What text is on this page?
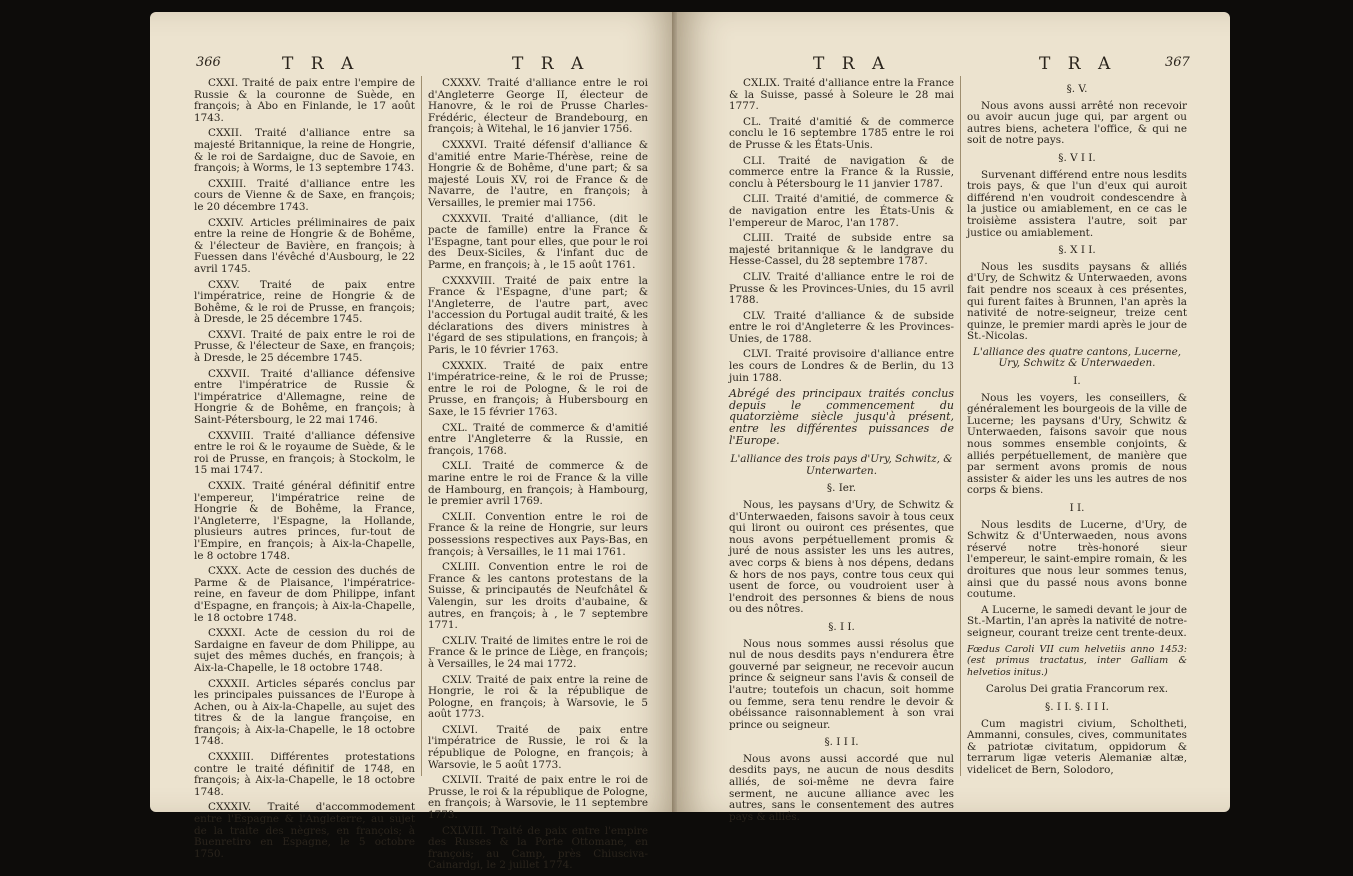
366	T R A	T R A

CXXI. Traité de paix entre l'empire de Russie & la couronne de Suède, en françois; à Abo en Finlande, le 17 août 1743.

CXXII. Traité d'alliance entre sa majesté Britannique, la reine de Hongrie, & le roi de Sardaigne, duc de Savoie, en françois; à Worms, le 13 septembre 1743.

CXXIII. Traité d'alliance entre les cours de Vienne & de Saxe, en françois; le 20 décembre 1743.

CXXIV. Articles préliminaires de paix entre la reine de Hongrie & de Bohême, & l'électeur de Bavière, en françois; à Fuessen dans l'évêché d'Ausbourg, le 22 avril 1745.

CXXV. Traité de paix entre l'impératrice, reine de Hongrie & de Bohême, & le roi de Prusse, en françois; à Dresde, le 25 décembre 1745.

CXXVI. Traité de paix entre le roi de Prusse, & l'électeur de Saxe, en françois; à Dresde, le 25 décembre 1745.

CXXVII. Traité d'alliance défensive entre l'impératrice de Russie & l'impératrice d'Allemagne, reine de Hongrie & de Bohême, en françois; à Saint-Pétersbourg, le 22 mai 1746.

CXXVIII. Traité d'alliance défensive entre le roi & le royaume de Suède, & le roi de Prusse, en françois; à Stockolm, le 15 mai 1747.

CXXIX. Traité général définitif entre l'empereur, l'impératrice reine de Hongrie & de Bohême, la France, l'Angleterre, l'Espagne, la Hollande, plusieurs autres princes, fur-tout de l'Empire, en françois; à Aix-la-Chapelle, le 8 octobre 1748.

CXXX. Acte de cession des duchés de Parme & de Plaisance, l'impératrice-reine, en faveur de dom Philippe, infant d'Espagne, en françois; à Aix-la-Chapelle, le 18 octobre 1748.

CXXXI. Acte de cession du roi de Sardaigne en faveur de dom Philippe, au sujet des mêmes duchés, en françois; à Aix-la-Chapelle, le 18 octobre 1748.

CXXXII. Articles séparés conclus par les principales puissances de l'Europe à Achen, ou à Aix-la-Chapelle, au sujet des titres & de la langue françoise, en françois; à Aix-la-Chapelle, le 18 octobre 1748.

CXXXIII. Différentes protestations contre le traité définitif de 1748, en françois; à Aix-la-Chapelle, le 18 octobre 1748.

CXXXIV. Traité d'accommodement entre l'Espagne & l'Angleterre, au sujet de la traite des nègres, en françois; à Buenretiro en Espagne, le 5 octobre 1750.

CXXXV. Traité d'alliance entre le roi d'Angleterre George II, électeur de Hanovre, & le roi de Prusse Charles-Frédéric, électeur de Brandebourg, en françois; à Witehal, le 16 janvier 1756.

CXXXVI. Traité défensif d'alliance & d'amitié entre Marie-Thérèse, reine de Hongrie & de Bohême, d'une part; & sa majesté Louis XV, roi de France & de Navarre, de l'autre, en françois; à Versailles, le premier mai 1756.

CXXXVII. Traité d'alliance, (dit le pacte de famille) entre la France & l'Espagne, tant pour elles, que pour le roi des Deux-Siciles, & l'infant duc de Parme, en françois; à , le 15 août 1761.

CXXXVIII. Traité de paix entre la France & l'Espagne, d'une part; & l'Angleterre, de l'autre part, avec l'accession du Portugal audit traité, & les déclarations des divers ministres à l'égard de ses stipulations, en françois; à Paris, le 10 février 1763.

CXXXIX. Traité de paix entre l'impératrice-reine, & le roi de Prusse; entre le roi de Pologne, & le roi de Prusse, en françois; à Hubersbourg en Saxe, le 15 février 1763.

CXL. Traité de commerce & d'amitié entre l'Angleterre & la Russie, en françois, 1768.

CXLI. Traité de commerce & de marine entre le roi de France & la ville de Hambourg, en françois; à Hambourg, le premier avril 1769.

CXLII. Convention entre le roi de France & la reine de Hongrie, sur leurs possessions respectives aux Pays-Bas, en françois; à Versailles, le 11 mai 1761.

CXLIII. Convention entre le roi de France & les cantons protestans de la Suisse, & principautés de Neufchâtel & Valengin, sur les droits d'aubaine, & autres, en françois; à , le 7 septembre 1771.

CXLIV. Traité de limites entre le roi de France & le prince de Liège, en françois; à Versailles, le 24 mai 1772.

CXLV. Traité de paix entre la reine de Hongrie, le roi & la république de Pologne, en françois; à Warsovie, le 5 août 1773.

CXLVI. Traité de paix entre l'impératrice de Russie, le roi & la république de Pologne, en françois; à Warsovie, le 5 août 1773.

CXLVII. Traité de paix entre le roi de Prusse, le roi & la république de Pologne, en françois; à Warsovie, le 11 septembre 1773.

CXLVIII. Traité de paix entre l'empire des Russes & la Porte Ottomane, en françois; au Camp, près Chiusciva-Cainardgi, le 2 juillet 1774.

T R A	T R A	367

CXLIX. Traité d'alliance entre la France & la Suisse, passé à Soleure le 28 mai 1777.

CL. Traité d'amitié & de commerce conclu le 16 septembre 1785 entre le roi de Prusse & les États-Unis.

CLI. Traité de navigation & de commerce entre la France & la Russie, conclu à Pétersbourg le 11 janvier 1787.

CLII. Traité d'amitié, de commerce & de navigation entre les États-Unis & l'empereur de Maroc, l'an 1787.

CLIII. Traité de subside entre sa majesté britannique & le landgrave du Hesse-Cassel, du 28 septembre 1787.

CLIV. Traité d'alliance entre le roi de Prusse & les Provinces-Unies, du 15 avril 1788.

CLV. Traité d'alliance & de subside entre le roi d'Angleterre & les Provinces-Unies, de 1788.

CLVI. Traité provisoire d'alliance entre les cours de Londres & de Berlin, du 13 juin 1788.

Abrégé des principaux traités conclus depuis le commencement du quatorzième siècle jusqu'à présent, entre les différentes puissances de l'Europe.

L'alliance des trois pays d'Ury, Schwitz, & Unterwarten.

§. Ier.

Nous, les paysans d'Ury, de Schwitz & d'Unterwaeden, faisons savoir à tous ceux qui liront ou ouiront ces présentes, que nous avons perpétuellement promis & juré de nous assister les uns les autres, avec corps & biens à nos dépens, dedans & hors de nos pays, contre tous ceux qui usent de force, ou voudroient user à l'endroit des personnes & biens de nous ou des nôtres.

§. I I.

Nous nous sommes aussi résolus que nul de nous desdits pays n'endurera être gouverné par seigneur, ne recevoir aucun prince & seigneur sans l'avis & conseil de l'autre; toutefois un chacun, soit homme ou femme, sera tenu rendre le devoir & obéissance raisonnablement à son vrai prince ou seigneur.

§. I I I.

Nous avons aussi accordé que nul desdits pays, ne aucun de nous desdits alliés, de soi-même ne devra faire serment, ne aucune alliance avec les autres, sans le consentement des autres pays & alliés.

§. V.

Nous avons aussi arrêté non recevoir ou avoir aucun juge qui, par argent ou autres biens, achetera l'office, & qui ne soit de notre pays.

§. V I I.

Survenant différend entre nous lesdits trois pays, & que l'un d'eux qui auroit différend n'en voudroit condescendre à la justice ou amiablement, en ce cas le troisième assistera l'autre, soit par justice ou amiablement.

§. X I I.

Nous les susdits paysans & alliés d'Ury, de Schwitz & Unterwaeden, avons fait pendre nos sceaux à ces présentes, qui furent faites à Brunnen, l'an après la nativité de notre-seigneur, treize cent quinze, le premier mardi après le jour de St.-Nicolas.

L'alliance des quatre cantons, Lucerne, Ury, Schwitz & Unterwaeden.

I.

Nous les voyers, les conseillers, & généralement les bourgeois de la ville de Lucerne; les paysans d'Ury, Schwitz & Unterwaeden, faisons savoir que nous nous sommes ensemble conjoints, & alliés perpétuellement, de manière que par serment avons promis de nous assister & aider les uns les autres de nos corps & biens.

I I.

Nous lesdits de Lucerne, d'Ury, de Schwitz & d'Unterwaeden, nous avons réservé notre très-honoré sieur l'empereur, le saint-empire romain, & les droitures que nous leur sommes tenus, ainsi que du passé nous avons bonne coutume.

A Lucerne, le samedi devant le jour de St.-Martin, l'an après la nativité de notre-seigneur, courant treize cent trente-deux.

Fœdus Caroli VII cum helvetiis anno 1453: (est primus tractatus, inter Galliam & helvetios initus.)

Carolus Dei gratia Francorum rex.

§. I I. §. I I I.

Cum magistri civium, Scholtheti, Ammanni, consules, cives, communitates & patriotæ civitatum, oppidorum & terrarum ligæ veteris Alemaniæ altæ, videlicet de Bern, Solodoro,
